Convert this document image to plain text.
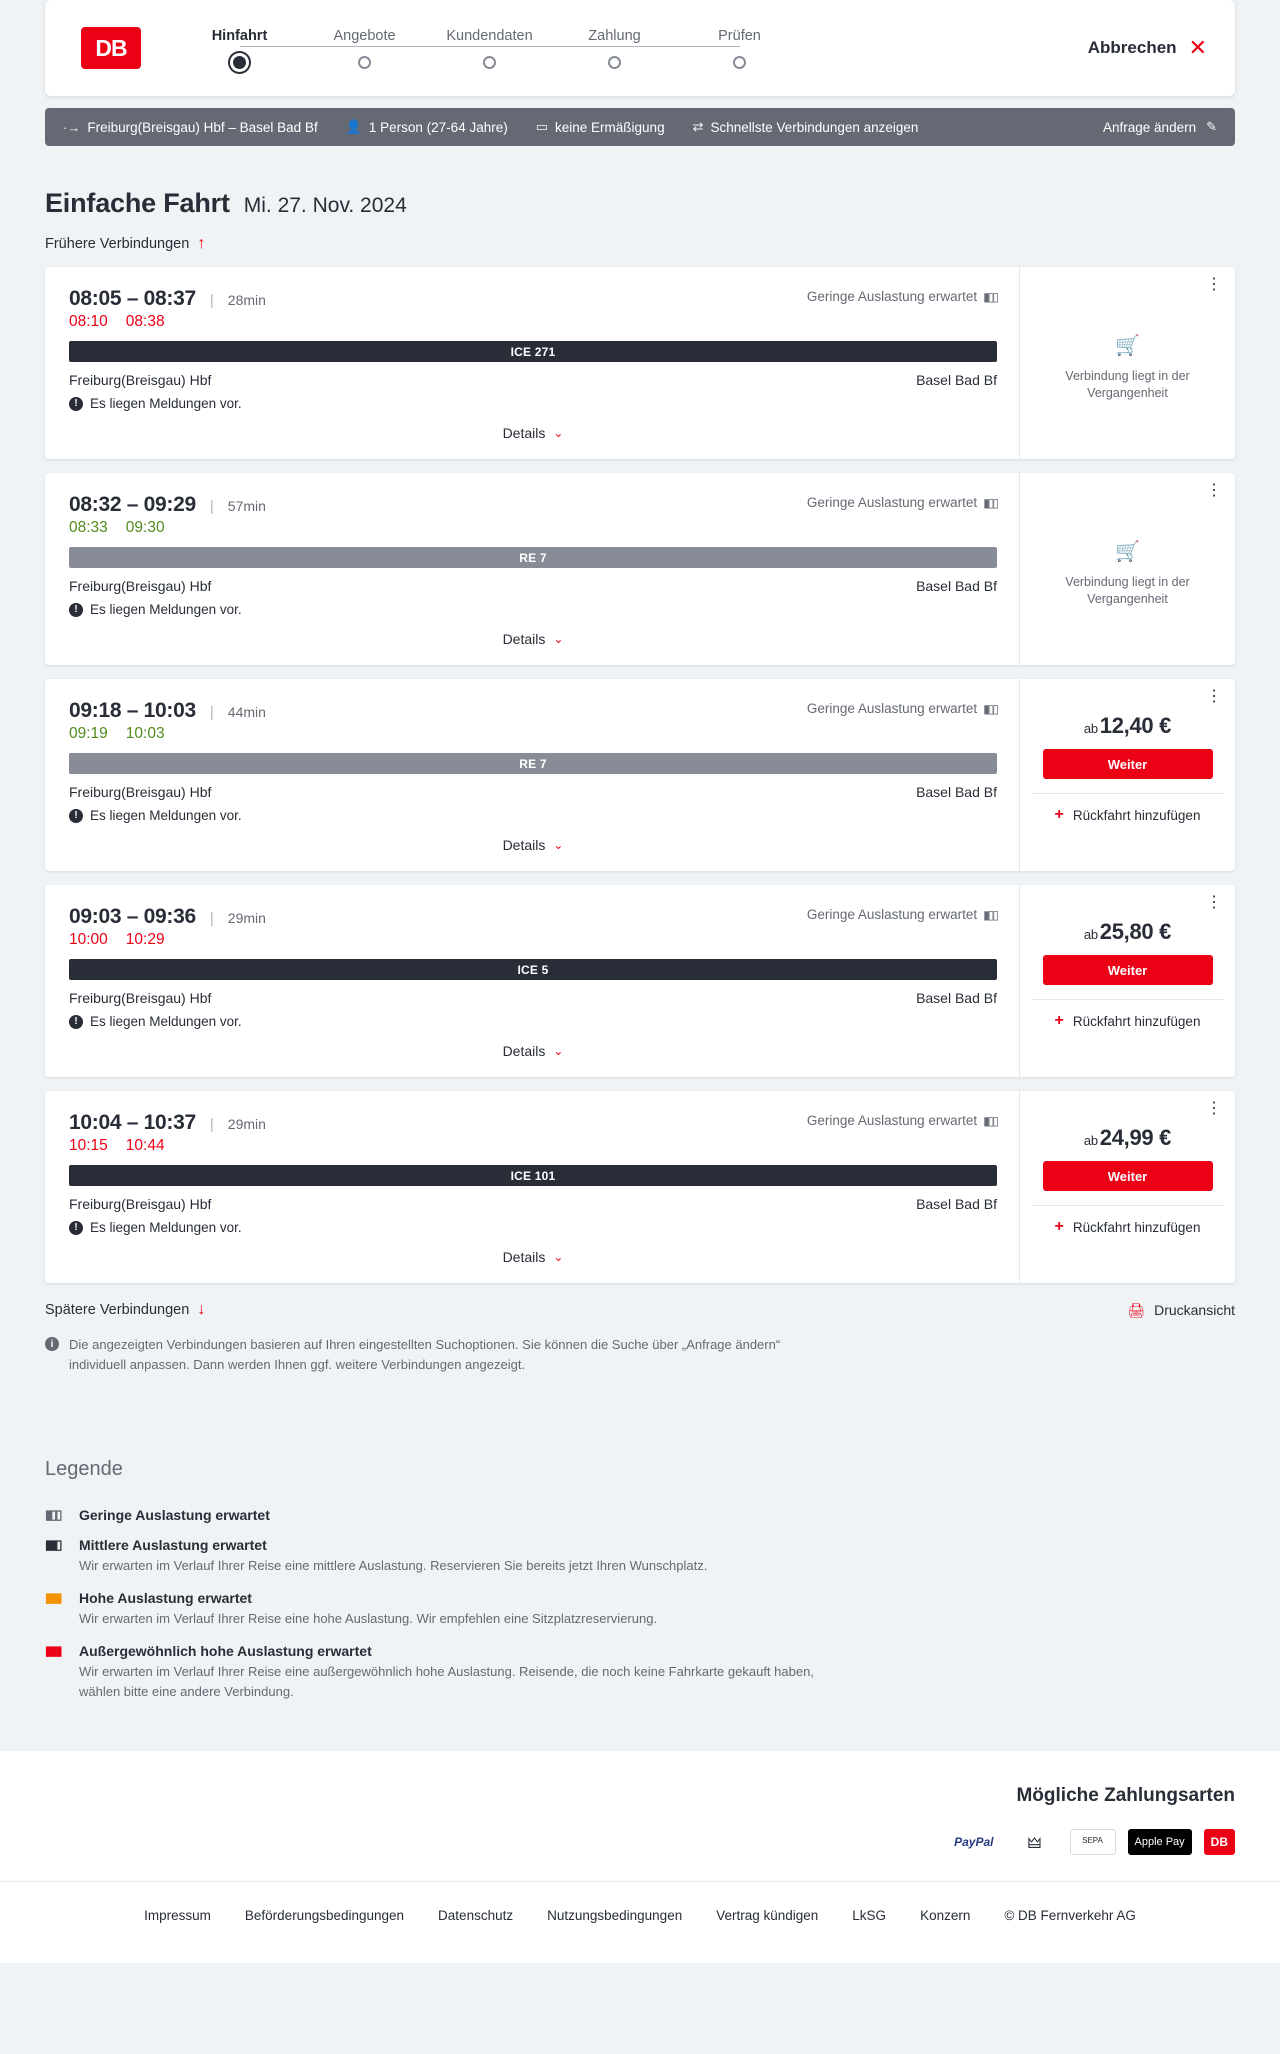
DB	Hinfahrt	Angebote	Kundendaten	Zahlung	Prüfen
Abbrechen ✕
·→ Freiburg(Breisgau) Hbf – Basel Bad Bf 👤 1 Person (27-64 Jahre) ▭ keine Ermäßigung ⇄ Schnellste Verbindungen anzeigen	Anfrage ändern ✎
Einfache Fahrt Mi. 27. Nov. 2024
Frühere Verbindungen ↑
08:05 – 08:37 | 28min	Geringe Auslastung erwartet ▮▯▯
08:10 08:38
ICE 271
Freiburg(Breisgau) Hbf	Basel Bad Bf
! Es liegen Meldungen vor.
Details ⌄
⋮
🛒
Verbindung liegt in der Vergangenheit
08:32 – 09:29 | 57min	Geringe Auslastung erwartet ▮▯▯
08:33 09:30
RE 7
Freiburg(Breisgau) Hbf	Basel Bad Bf
! Es liegen Meldungen vor.
Details ⌄
⋮
🛒
Verbindung liegt in der Vergangenheit
09:18 – 10:03 | 44min	Geringe Auslastung erwartet ▮▯▯
09:19 10:03
RE 7
Freiburg(Breisgau) Hbf	Basel Bad Bf
! Es liegen Meldungen vor.
Details ⌄
⋮
ab12,40 €
Weiter
+ Rückfahrt hinzufügen
09:03 – 09:36 | 29min	Geringe Auslastung erwartet ▮▯▯
10:00 10:29
ICE 5
Freiburg(Breisgau) Hbf	Basel Bad Bf
! Es liegen Meldungen vor.
Details ⌄
⋮
ab25,80 €
Weiter
+ Rückfahrt hinzufügen
10:04 – 10:37 | 29min	Geringe Auslastung erwartet ▮▯▯
10:15 10:44
ICE 101
Freiburg(Breisgau) Hbf	Basel Bad Bf
! Es liegen Meldungen vor.
Details ⌄
⋮
ab24,99 €
Weiter
+ Rückfahrt hinzufügen
Spätere Verbindungen ↓	🖨 Druckansicht
i	Die angezeigten Verbindungen basieren auf Ihren eingestellten Suchoptionen. Sie können die Suche über „Anfrage ändern“ individuell anpassen. Dann werden Ihnen ggf. weitere Verbindungen angezeigt.
Legende
▮▯▯	Geringe Auslastung erwartet
▮▮▯	Mittlere Auslastung erwartet
Wir erwarten im Verlauf Ihrer Reise eine mittlere Auslastung. Reservieren Sie bereits jetzt Ihren Wunschplatz.
▮▮▮	Hohe Auslastung erwartet
Wir erwarten im Verlauf Ihrer Reise eine hohe Auslastung. Wir empfehlen eine Sitzplatzreservierung.
▮▮▮	Außergewöhnlich hohe Auslastung erwartet
Wir erwarten im Verlauf Ihrer Reise eine außergewöhnlich hohe Auslastung. Reisende, die noch keine Fahrkarte gekauft haben, wählen bitte eine andere Verbindung.
Mögliche Zahlungsarten
PayPal	🜲	SEPA	Apple Pay	DB
Impressum	Beförderungsbedingungen	Datenschutz	Nutzungsbedingungen	Vertrag kündigen	LkSG	Konzern	© DB Fernverkehr AG
